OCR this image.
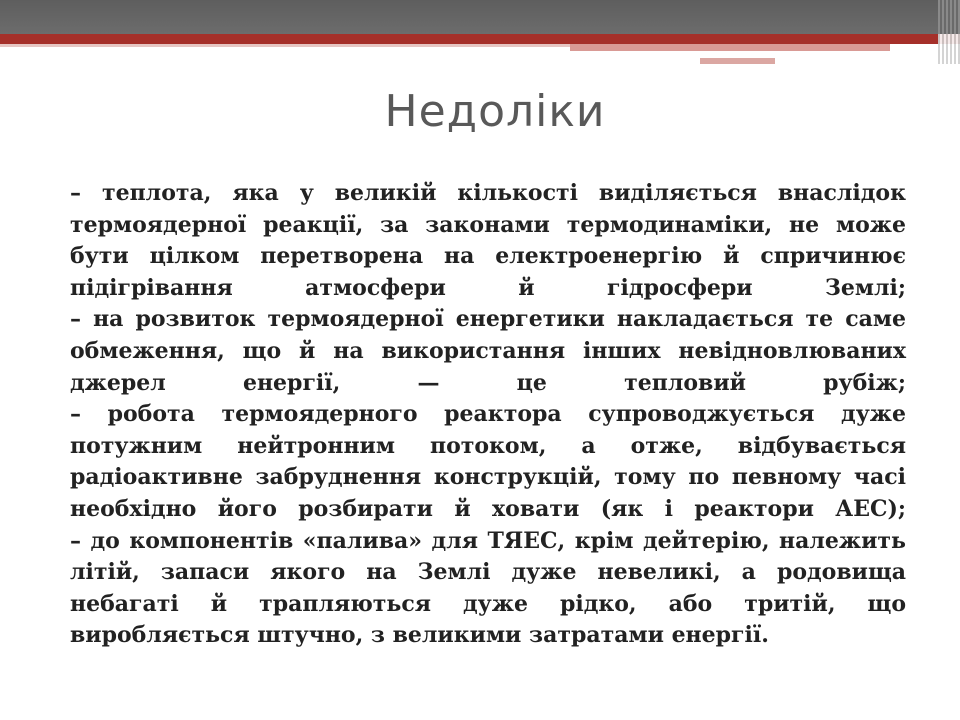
Недоліки
– теплота, яка у великій кількості виділяється внаслідок термоядерної реакції, за законами термодинаміки, не може бути цілком перетворена на електроенергію й спричинює підігрівання атмосфери й гідросфери Землі;
– на розвиток термоядерної енергетики накладається те саме обмеження, що й на використання інших невідновлюваних джерел енергії, — це тепловий рубіж;
– робота термоядерного реактора супроводжується дуже потужним нейтронним потоком, а отже, відбувається радіоактивне забруднення конструкцій, тому по певному часі необхідно його розбирати й ховати (як і реактори АЕС);
– до компонентів «палива» для ТЯЕС, крім дейтерію, належить літій, запаси якого на Землі дуже невеликі, а родовища небагаті й трапляються дуже рідко, або тритій, що виробляється штучно, з великими затратами енергії.
